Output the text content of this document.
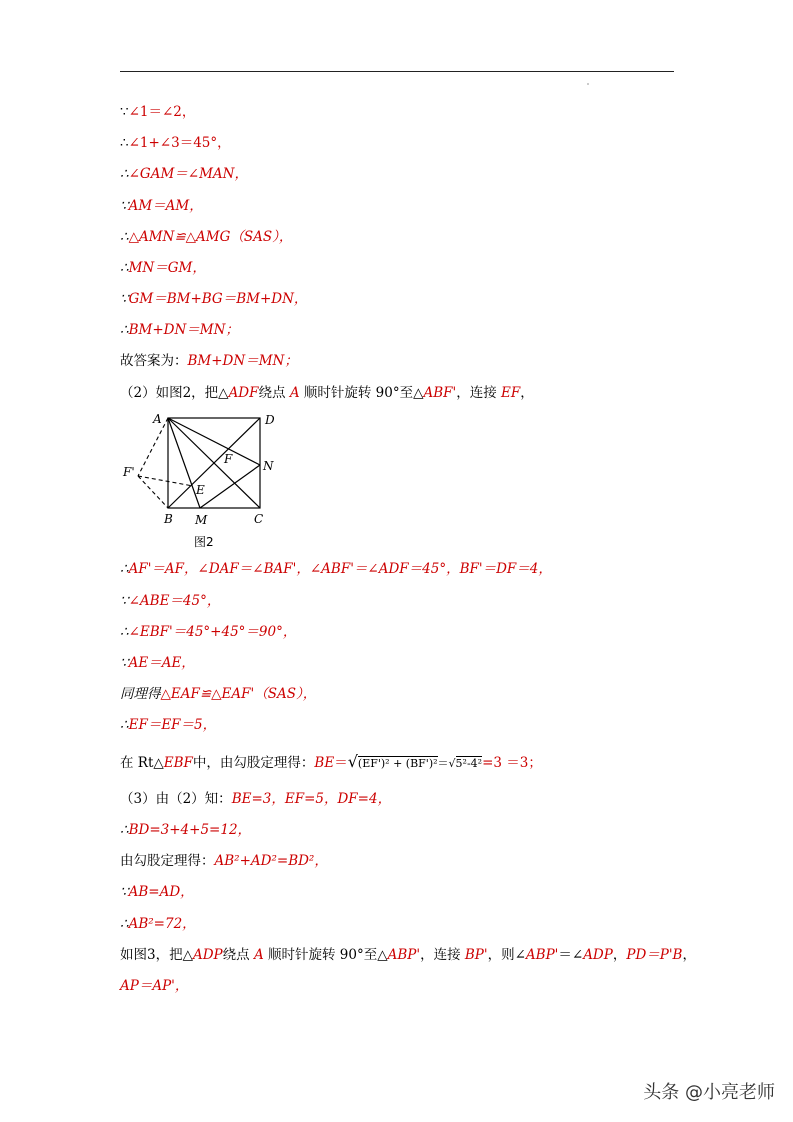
∵∠1＝∠2，
∴∠1+∠3＝45°，
∴∠GAM＝∠MAN，
∵AM＝AM，
∴△AMN≌△AMG（SAS），
∴MN＝GM，
∵GM＝BM+BG＝BM+DN，
∴BM+DN＝MN；
故答案为：BM+DN＝MN；
（2）如图2，把△ADF绕点 A 顺时针旋转 90°至△ABF'，连接 EF，
A	D
B	C
M
N
E
F
F'
图2
∴AF'＝AF，∠DAF＝∠BAF'，∠ABF'＝∠ADF＝45°，BF'＝DF＝4，
∵∠ABE＝45°，
∴∠EBF'＝45°+45°＝90°，
∵AE＝AE，
同理得△EAF≌△EAF'（SAS），
∴EF＝EF＝5，
在 Rt△EBF中，由勾股定理得：BE＝√(EF')² + (BF')²＝√5²-4²=3 ＝3；
（3）由（2）知：BE=3，EF=5，DF=4，
∴BD=3+4+5=12，
由勾股定理得：AB²+AD²=BD²，
∵AB=AD，
∴AB²=72，
如图3，把△ADP绕点 A 顺时针旋转 90°至△ABP'，连接 BP'，则∠ABP'＝∠ADP，PD＝P'B，
AP＝AP'，
头条 @小亮老师
